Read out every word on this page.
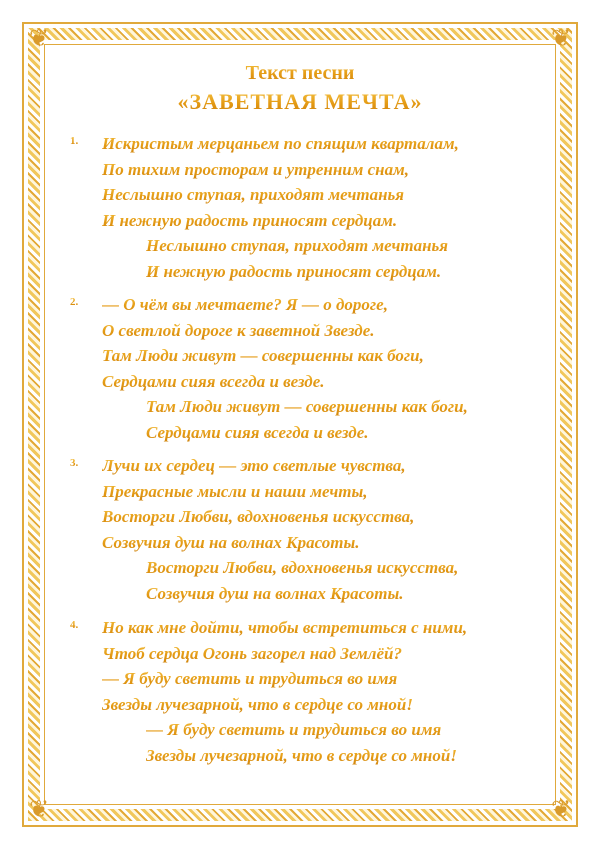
❦	❦
❦	❦
Текст песни
«ЗАВЕТНАЯ МЕЧТА»
1. Искристым мерцаньем по спящим кварталам,
По тихим просторам и утренним снам,
Неслышно ступая, приходят мечтанья
И нежную радость приносят сердцам.
Неслышно ступая, приходят мечтанья
И нежную радость приносят сердцам.
2. — О чём вы мечтаете? Я — о дороге,
О светлой дороге к заветной Звезде.
Там Люди живут — совершенны как боги,
Сердцами сияя всегда и везде.
Там Люди живут — совершенны как боги,
Сердцами сияя всегда и везде.
3. Лучи их сердец — это светлые чувства,
Прекрасные мысли и наши мечты,
Восторги Любви, вдохновенья искусства,
Созвучия душ на волнах Красоты.
Восторги Любви, вдохновенья искусства,
Созвучия душ на волнах Красоты.
4. Но как мне дойти, чтобы встретиться с ними,
Чтоб сердца Огонь загорел над Землёй?
— Я буду светить и трудиться во имя
Звезды лучезарной, что в сердце со мной!
— Я буду светить и трудиться во имя
Звезды лучезарной, что в сердце со мной!
